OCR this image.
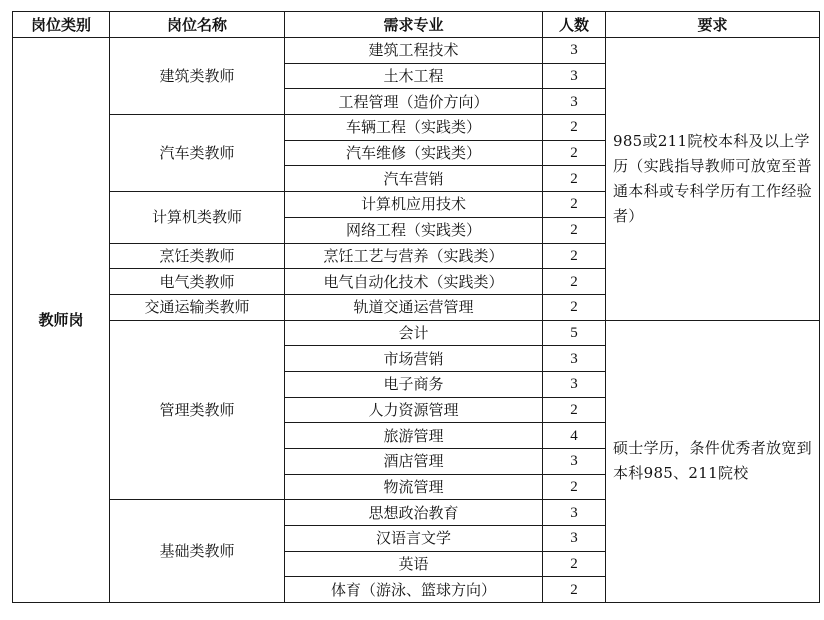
岗位类别	岗位名称	需求专业	人数	要求
教师岗	建筑类教师	建筑工程技术	3	985或211院校本科及以上学历（实践指导教师可放宽至普通本科或专科学历有工作经验者）
		土木工程	3	
		工程管理（造价方向）	3	
	汽车类教师	车辆工程（实践类）	2	
		汽车维修（实践类）	2	
		汽车营销	2	
	计算机类教师	计算机应用技术	2	
		网络工程（实践类）	2	
	烹饪类教师	烹饪工艺与营养（实践类）	2	
	电气类教师	电气自动化技术（实践类）	2	
	交通运输类教师	轨道交通运营管理	2	
	管理类教师	会计	5	硕士学历，条件优秀者放宽到本科985、211院校
		市场营销	3	
		电子商务	3	
		人力资源管理	2	
		旅游管理	4	
		酒店管理	3	
		物流管理	2	
	基础类教师	思想政治教育	3	
		汉语言文学	3	
		英语	2	
		体育（游泳、篮球方向）	2	
